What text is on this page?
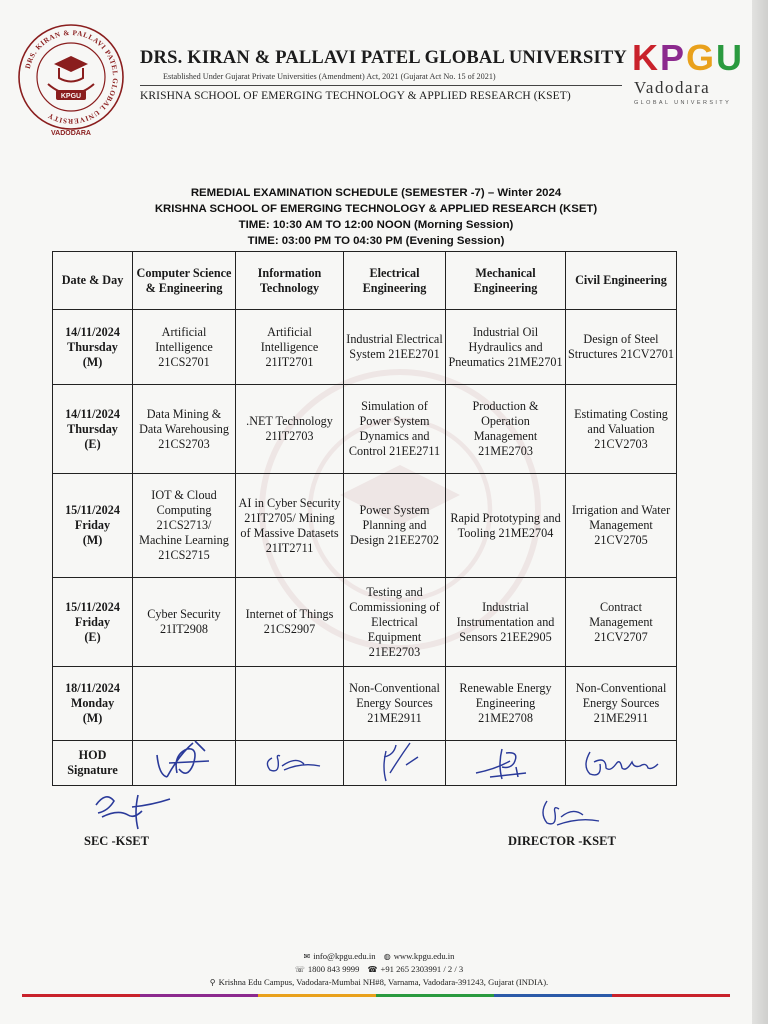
DRS. KIRAN & PALLAVI PATEL GLOBAL UNIVERSITY
KPGU
VADODARA
DRS. KIRAN & PALLAVI PATEL GLOBAL UNIVERSITY
Established Under Gujarat Private Universities (Amendment) Act, 2021 (Gujarat Act No. 15 of 2021)
KRISHNA SCHOOL OF EMERGING TECHNOLOGY & APPLIED RESEARCH (KSET)
KPGU
Vadodara
GLOBAL UNIVERSITY
REMEDIAL EXAMINATION SCHEDULE (SEMESTER -7) – Winter 2024
KRISHNA SCHOOL OF EMERGING TECHNOLOGY & APPLIED RESEARCH (KSET)
TIME: 10:30 AM TO 12:00 NOON (Morning Session)
TIME: 03:00 PM TO 04:30 PM (Evening Session)
Date & Day	Computer Science & Engineering	Information Technology	Electrical Engineering	Mechanical Engineering	Civil Engineering

14/11/2024
Thursday
(M)	Artificial Intelligence 21CS2701	Artificial Intelligence 21IT2701	Industrial Electrical System 21EE2701	Industrial Oil Hydraulics and Pneumatics 21ME2701	Design of Steel Structures 21CV2701

14/11/2024
Thursday
(E)	Data Mining & Data Warehousing 21CS2703	.NET Technology 21IT2703	Simulation of Power System Dynamics and Control 21EE2711	Production & Operation Management 21ME2703	Estimating Costing and Valuation 21CV2703

15/11/2024
Friday
(M)	IOT & Cloud Computing 21CS2713/ Machine Learning 21CS2715	AI in Cyber Security 21IT2705/ Mining of Massive Datasets 21IT2711	Power System Planning and Design 21EE2702	Rapid Prototyping and Tooling 21ME2704	Irrigation and Water Management 21CV2705

15/11/2024
Friday
(E)	Cyber Security 21IT2908	Internet of Things 21CS2907	Testing and Commissioning of Electrical Equipment 21EE2703	Industrial Instrumentation and Sensors 21EE2905	Contract Management 21CV2707

18/11/2024
Monday
(M)			Non-Conventional Energy Sources 21ME2911	Renewable Energy Engineering 21ME2708	Non-Conventional Energy Sources 21ME2911

HOD
Signature

SEC -KSET	DIRECTOR -KSET
✉ info@kpgu.edu.in ◍ www.kpgu.edu.in
☏ 1800 843 9999 ☎ +91 265 2303991 / 2 / 3
⚲ Krishna Edu Campus, Vadodara-Mumbai NH#8, Varnama, Vadodara-391243, Gujarat (INDIA).
